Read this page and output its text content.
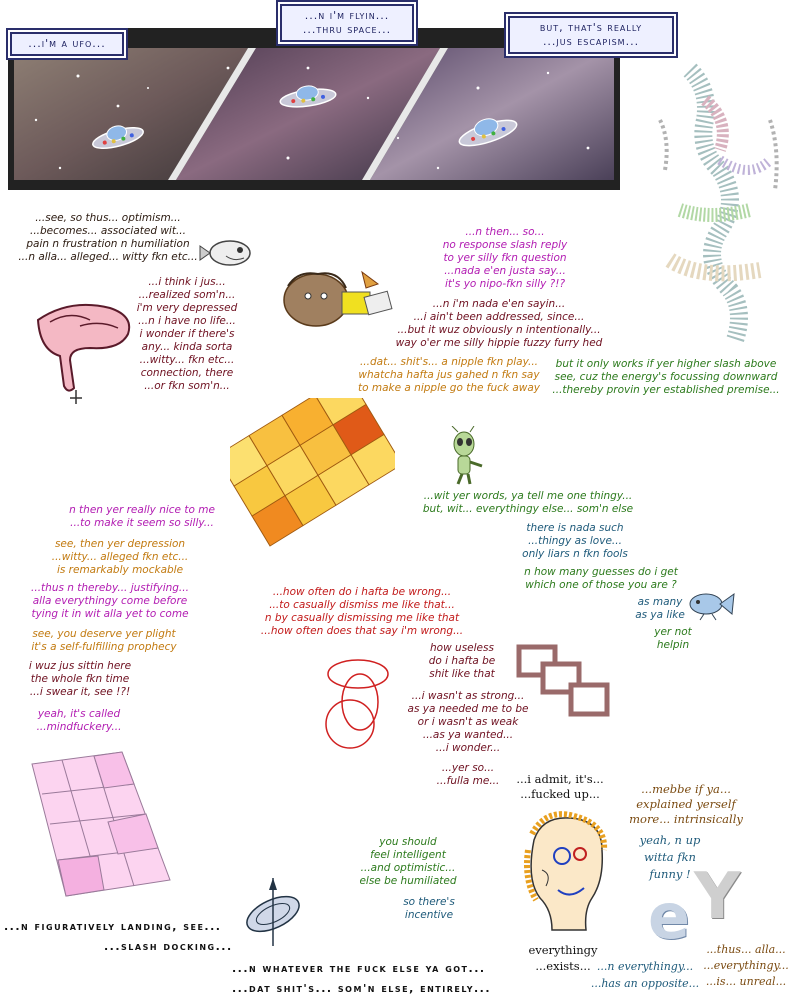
...i'm a ufo...
...n i'm flyin...
...thru space...	but, that's really
...jus escapism...
...see, so thus... optimism...
...becomes... associated wit...
pain n frustration n humiliation
...n alla... alleged... witty fkn etc...
...i think i jus...
...realized som'n...
i'm very depressed
...n i have no life...
i wonder if there's
any... kinda sorta
...witty... fkn etc...
connection, there
...or fkn som'n...
...n then... so...
no response slash reply
to yer silly fkn question
...nada e'en justa say...
it's yo nipo-fkn silly ?!?
...n i'm nada e'en sayin...
...i ain't been addressed, since...
...but it wuz obviously n intentionally...
way o'er me silly hippie fuzzy furry hed
...dat... shit's... a nipple fkn play...
whatcha hafta jus gahed n fkn say
to make a nipple go the fuck away
but it only works if yer higher slash above
see, cuz the energy's focussing downward
...thereby provin yer established premise...
...wit yer words, ya tell me one thingy...
but, wit... everythingy else... som'n else
n then yer really nice to me
...to make it seem so silly...	there is nada such
...thingy as love...
only liars n fkn fools
see, then yer depression
...witty... alleged fkn etc...
is remarkably mockable	n how many guesses do i get
which one of those you are ?
...how often do i hafta be wrong...
...to casually dismiss me like that...
n by casually dismissing me like that
...how often does that say i'm wrong...
...thus n thereby... justifying...
alla everythingy come before
tying it in wit alla yet to come
as many
as ya like
yer not
helpin
see, you deserve yer plight
it's a self-fulfilling prophecy	how useless
do i hafta be
shit like that
i wuz jus sittin here
the whole fkn time
...i swear it, see !?!	...i wasn't as strong...
as ya needed me to be
or i wasn't as weak
...as ya wanted...
...i wonder...
yeah, it's called
...mindfuckery...
...yer so...
...fulla me...	...i admit, it's...
...fucked up...	...mebbe if ya...
explained yerself
more... intrinsically
yeah, n up
witta fkn
funny !
you should
feel intelligent
...and optimistic...
else be humiliated
so there's
incentive	e Y
...n figuratively landing, see...
...slash docking...
...n whatever the fuck else ya got...
...dat shit's... som'n else, entirely...
everythingy
...exists... ...n everythingy...
...has an opposite...
...thus... alla...
...everythingy...
...is... unreal...
